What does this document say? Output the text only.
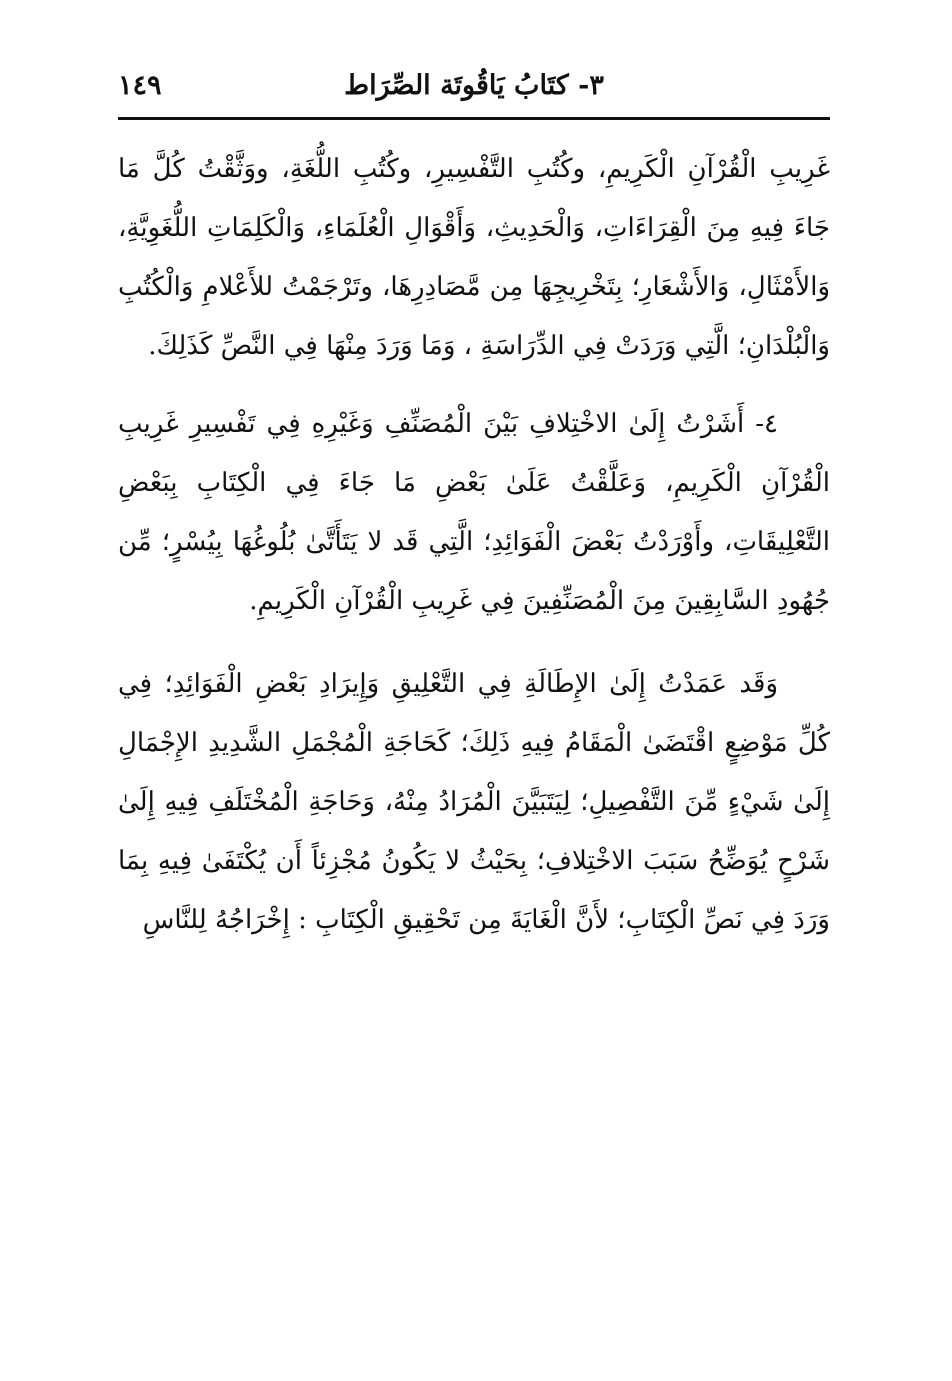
٣- كتَابُ يَاقُوتَة الصِّرَاط
١٤٩

غَرِيبِ الْقُرْآنِ الْكَرِيمِ، وكُتُبِ التَّفْسِيرِ، وكُتُبِ اللُّغَةِ، ووَثَّقْتُ كُلَّ مَا جَاءَ فِيهِ مِنَ الْقِرَاءَاتِ، وَالْحَدِيثِ، وَأَقْوَالِ الْعُلَمَاءِ، وَالْكَلِمَاتِ اللُّغَوِيَّةِ، وَالأَمْثَالِ، وَالأَشْعَارِ؛ بِتَخْرِيجِهَا مِن مَّصَادِرِهَا، وتَرْجَمْتُ للأَعْلامِ وَالْكُتُبِ وَالْبُلْدَانِ؛ الَّتِي وَرَدَتْ فِي الدِّرَاسَةِ ، وَمَا وَرَدَ مِنْهَا فِي النَّصِّ كَذَلِكَ.

٤- أَشَرْتُ إِلَىٰ الاخْتِلافِ بَيْنَ الْمُصَنِّفِ وَغَيْرِهِ فِي تَفْسِيرِ غَرِيبِ الْقُرْآنِ الْكَرِيمِ، وَعَلَّقْتُ عَلَىٰ بَعْضِ مَا جَاءَ فِي الْكِتَابِ بِبَعْضِ التَّعْلِيقَاتِ، وأَوْرَدْتُ بَعْضَ الْفَوَائِدِ؛ الَّتِي قَد لا يَتَأَتَّىٰ بُلُوغُهَا بِيُسْرٍ؛ مِّن جُهُودِ السَّابِقِينَ مِنَ الْمُصَنِّفِينَ فِي غَرِيبِ الْقُرْآنِ الْكَرِيمِ.

وَقَد عَمَدْتُ إِلَىٰ الإِطَالَةِ فِي التَّعْلِيقِ وَإِيرَادِ بَعْضِ الْفَوَائِدِ؛ فِي كُلِّ مَوْضِعٍ اقْتَضَىٰ الْمَقَامُ فِيهِ ذَلِكَ؛ كَحَاجَةِ الْمُجْمَلِ الشَّدِيدِ الإِجْمَالِ إِلَىٰ شَيْءٍ مِّنَ التَّفْصِيلِ؛ لِيَتَبَيَّنَ الْمُرَادُ مِنْهُ، وَحَاجَةِ الْمُخْتَلَفِ فِيهِ إِلَىٰ شَرْحٍ يُوَضِّحُ سَبَبَ الاخْتِلافِ؛ بِحَيْثُ لا يَكُونُ مُجْزِئاً أَن يُكْتَفَىٰ فِيهِ بِمَا وَرَدَ فِي نَصِّ الْكِتَابِ؛ لأَنَّ الْغَايَةَ مِن تَحْقِيقِ الْكِتَابِ : إِخْرَاجُهُ لِلنَّاسِ
